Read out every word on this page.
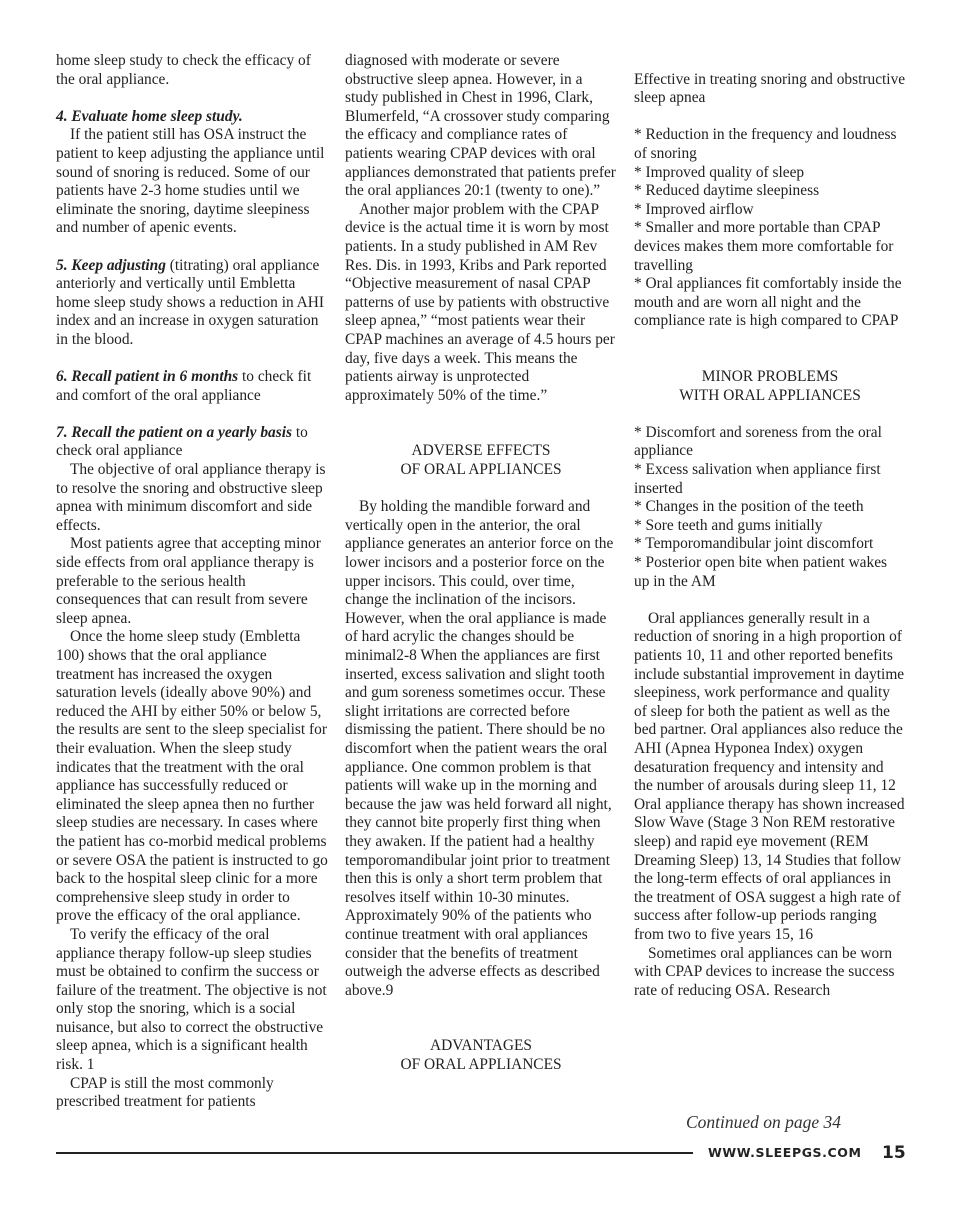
home sleep study to check the efficacy of the oral appliance.

4. Evaluate home sleep study.

If the patient still has OSA instruct the patient to keep adjusting the appliance until sound of snoring is reduced. Some of our patients have 2-3 home studies until we eliminate the snoring, daytime sleepiness and number of apenic events.

5. Keep adjusting (titrating) oral appliance anteriorly and vertically until Embletta home sleep study shows a reduction in AHI index and an increase in oxygen saturation in the blood.

6. Recall patient in 6 months to check fit and comfort of the oral appliance

7. Recall the patient on a yearly basis to check oral appliance

The objective of oral appliance therapy is to resolve the snoring and obstructive sleep apnea with minimum discomfort and side effects.

Most patients agree that accepting minor side effects from oral appliance therapy is preferable to the serious health consequences that can result from severe sleep apnea.

Once the home sleep study (Embletta 100) shows that the oral appliance treatment has increased the oxygen saturation levels (ideally above 90%) and reduced the AHI by either 50% or below 5, the results are sent to the sleep specialist for their evaluation. When the sleep study indicates that the treatment with the oral appliance has successfully reduced or eliminated the sleep apnea then no further sleep studies are necessary. In cases where the patient has co-morbid medical problems or severe OSA the patient is instructed to go back to the hospital sleep clinic for a more comprehensive sleep study in order to prove the efficacy of the oral appliance.

To verify the efficacy of the oral appliance therapy follow-up sleep studies must be obtained to confirm the success or failure of the treatment. The objective is not only stop the snoring, which is a social nuisance, but also to correct the obstructive sleep apnea, which is a significant health risk. 1

CPAP is still the most commonly prescribed treatment for patients

diagnosed with moderate or severe obstructive sleep apnea. However, in a study published in Chest in 1996, Clark, Blumerfeld, “A crossover study comparing the efficacy and compliance rates of patients wearing CPAP devices with oral appliances demonstrated that patients prefer the oral appliances 20:1 (twenty to one).”

Another major problem with the CPAP device is the actual time it is worn by most patients. In a study published in AM Rev Res. Dis. in 1993, Kribs and Park reported “Objective measurement of nasal CPAP patterns of use by patients with obstructive sleep apnea,” “most patients wear their CPAP machines an average of 4.5 hours per day, five days a week. This means the patients airway is unprotected approximately 50% of the time.”

ADVERSE EFFECTS
OF ORAL APPLIANCES

By holding the mandible forward and vertically open in the anterior, the oral appliance generates an anterior force on the lower incisors and a posterior force on the upper incisors. This could, over time, change the inclination of the incisors. However, when the oral appliance is made of hard acrylic the changes should be minimal2-8 When the appliances are first inserted, excess salivation and slight tooth and gum soreness sometimes occur. These slight irritations are corrected before dismissing the patient. There should be no discomfort when the patient wears the oral appliance. One common problem is that patients will wake up in the morning and because the jaw was held forward all night, they cannot bite properly first thing when they awaken. If the patient had a healthy temporomandibular joint prior to treatment then this is only a short term problem that resolves itself within 10-30 minutes. Approximately 90% of the patients who continue treatment with oral appliances consider that the benefits of treatment outweigh the adverse effects as described above.9

ADVANTAGES
OF ORAL APPLIANCES

Effective in treating snoring and obstructive sleep apnea

* Reduction in the frequency and loudness of snoring

* Improved quality of sleep

* Reduced daytime sleepiness

* Improved airflow

* Smaller and more portable than CPAP devices makes them more comfortable for travelling

* Oral appliances fit comfortably inside the mouth and are worn all night and the compliance rate is high compared to CPAP

MINOR PROBLEMS
WITH ORAL APPLIANCES

* Discomfort and soreness from the oral appliance

* Excess salivation when appliance first inserted

* Changes in the position of the teeth

* Sore teeth and gums initially

* Temporomandibular joint discomfort

* Posterior open bite when patient wakes up in the AM

Oral appliances generally result in a reduction of snoring in a high proportion of patients 10, 11 and other reported benefits include substantial improvement in daytime sleepiness, work performance and quality of sleep for both the patient as well as the bed partner. Oral appliances also reduce the AHI (Apnea Hyponea Index) oxygen desaturation frequency and intensity and the number of arousals during sleep 11, 12 Oral appliance therapy has shown increased Slow Wave (Stage 3 Non REM restorative sleep) and rapid eye movement (REM Dreaming Sleep) 13, 14 Studies that follow the long-term effects of oral appliances in the treatment of OSA suggest a high rate of success after follow-up periods ranging from two to five years 15, 16

Sometimes oral appliances can be worn with CPAP devices to increase the success rate of reducing OSA. Research

Continued on page 34
WWW.SLEEPGS.COM 15
